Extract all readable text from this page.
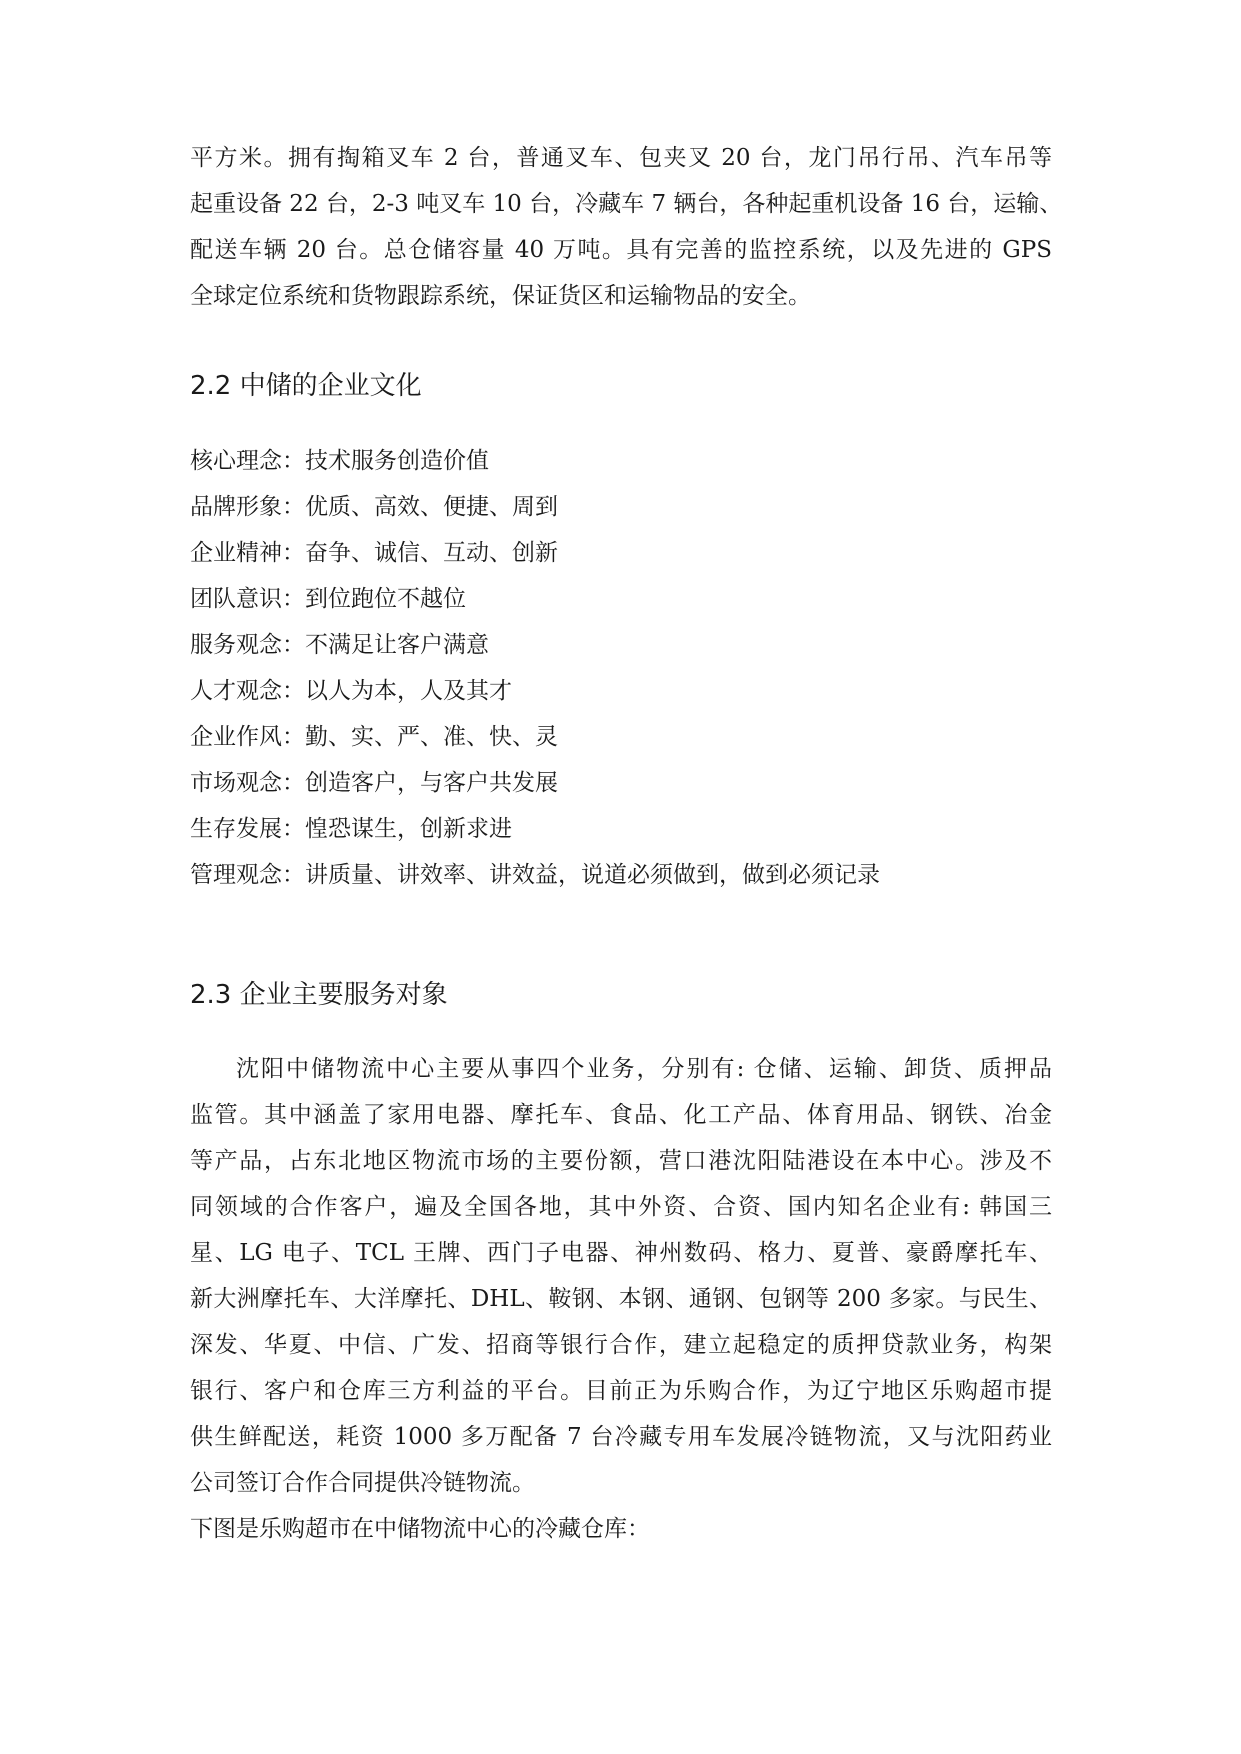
平方米。拥有掏箱叉车 2 台，普通叉车、包夹叉 20 台，龙门吊行吊、汽车吊等
起重设备 22 台，2-3 吨叉车 10 台，冷藏车 7 辆台，各种起重机设备 16 台，运输、
配送车辆 20 台。总仓储容量 40 万吨。具有完善的监控系统，以及先进的 GPS
全球定位系统和货物跟踪系统，保证货区和运输物品的安全。
2.2 中储的企业文化
核心理念：技术服务创造价值
品牌形象：优质、高效、便捷、周到
企业精神：奋争、诚信、互动、创新
团队意识：到位跑位不越位
服务观念：不满足让客户满意
人才观念：以人为本，人及其才
企业作风：勤、实、严、准、快、灵
市场观念：创造客户，与客户共发展
生存发展：惶恐谋生，创新求进
管理观念：讲质量、讲效率、讲效益，说道必须做到，做到必须记录
2.3 企业主要服务对象
沈阳中储物流中心主要从事四个业务，分别有: 仓储、运输、卸货、质押品
监管。其中涵盖了家用电器、摩托车、食品、化工产品、体育用品、钢铁、冶金
等产品，占东北地区物流市场的主要份额，营口港沈阳陆港设在本中心。涉及不
同领域的合作客户，遍及全国各地，其中外资、合资、国内知名企业有: 韩国三
星、LG 电子、TCL 王牌、西门子电器、神州数码、格力、夏普、豪爵摩托车、
新大洲摩托车、大洋摩托、DHL、鞍钢、本钢、通钢、包钢等 200 多家。与民生、
深发、华夏、中信、广发、招商等银行合作，建立起稳定的质押贷款业务，构架
银行、客户和仓库三方利益的平台。目前正为乐购合作，为辽宁地区乐购超市提
供生鲜配送，耗资 1000 多万配备 7 台冷藏专用车发展冷链物流，又与沈阳药业
公司签订合作合同提供冷链物流。
下图是乐购超市在中储物流中心的冷藏仓库：
